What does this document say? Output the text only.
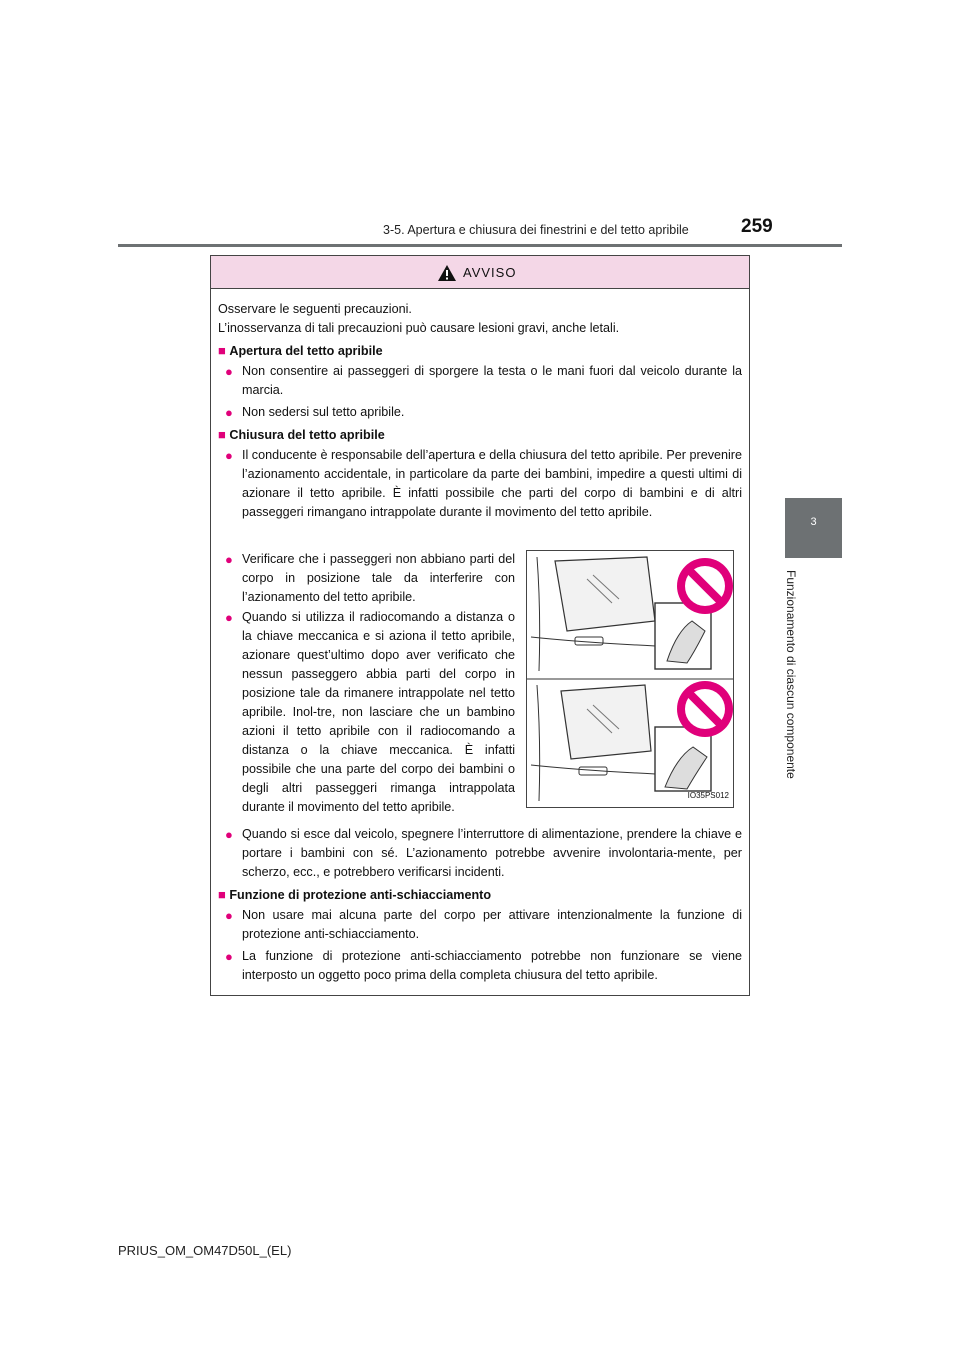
3-5. Apertura e chiusura dei finestrini e del tetto apribile	259
3
Funzionamento di ciascun componente
AVVISO
Osservare le seguenti precauzioni.
L’inosservanza di tali precauzioni può causare lesioni gravi, anche letali.
■ Apertura del tetto apribile
● Non consentire ai passeggeri di sporgere la testa o le mani fuori dal veicolo durante la marcia.
● Non sedersi sul tetto apribile.
■ Chiusura del tetto apribile
● Il conducente è responsabile dell’apertura e della chiusura del tetto apribile. Per prevenire l’azionamento accidentale, in particolare da parte dei bambini, impedire a questi ultimi di azionare il tetto apribile. È infatti possibile che parti del corpo di bambini e di altri passeggeri rimangano intrappolate durante il movimento del tetto apribile.
● Verificare che i passeggeri non abbiano parti del corpo in posizione tale da interferire con l’azionamento del tetto apribile.
● Quando si utilizza il radiocomando a distanza o la chiave meccanica e si aziona il tetto apribile, azionare quest’ultimo dopo aver verificato che nessun passeggero abbia parti del corpo in posizione tale da rimanere intrappolate nel tetto apribile. Inol-tre, non lasciare che un bambino azioni il tetto apribile con il radiocomando a distanza o la chiave meccanica. È infatti possibile che una parte del corpo dei bambini o degli altri passeggeri rimanga intrappolata durante il movimento del tetto apribile.
IO35PS012
● Quando si esce dal veicolo, spegnere l’interruttore di alimentazione, prendere la chiave e portare i bambini con sé. L’azionamento potrebbe avvenire involontaria-mente, per scherzo, ecc., e potrebbero verificarsi incidenti.
■ Funzione di protezione anti-schiacciamento
● Non usare mai alcuna parte del corpo per attivare intenzionalmente la funzione di protezione anti-schiacciamento.
● La funzione di protezione anti-schiacciamento potrebbe non funzionare se viene interposto un oggetto poco prima della completa chiusura del tetto apribile.
PRIUS_OM_OM47D50L_(EL)
